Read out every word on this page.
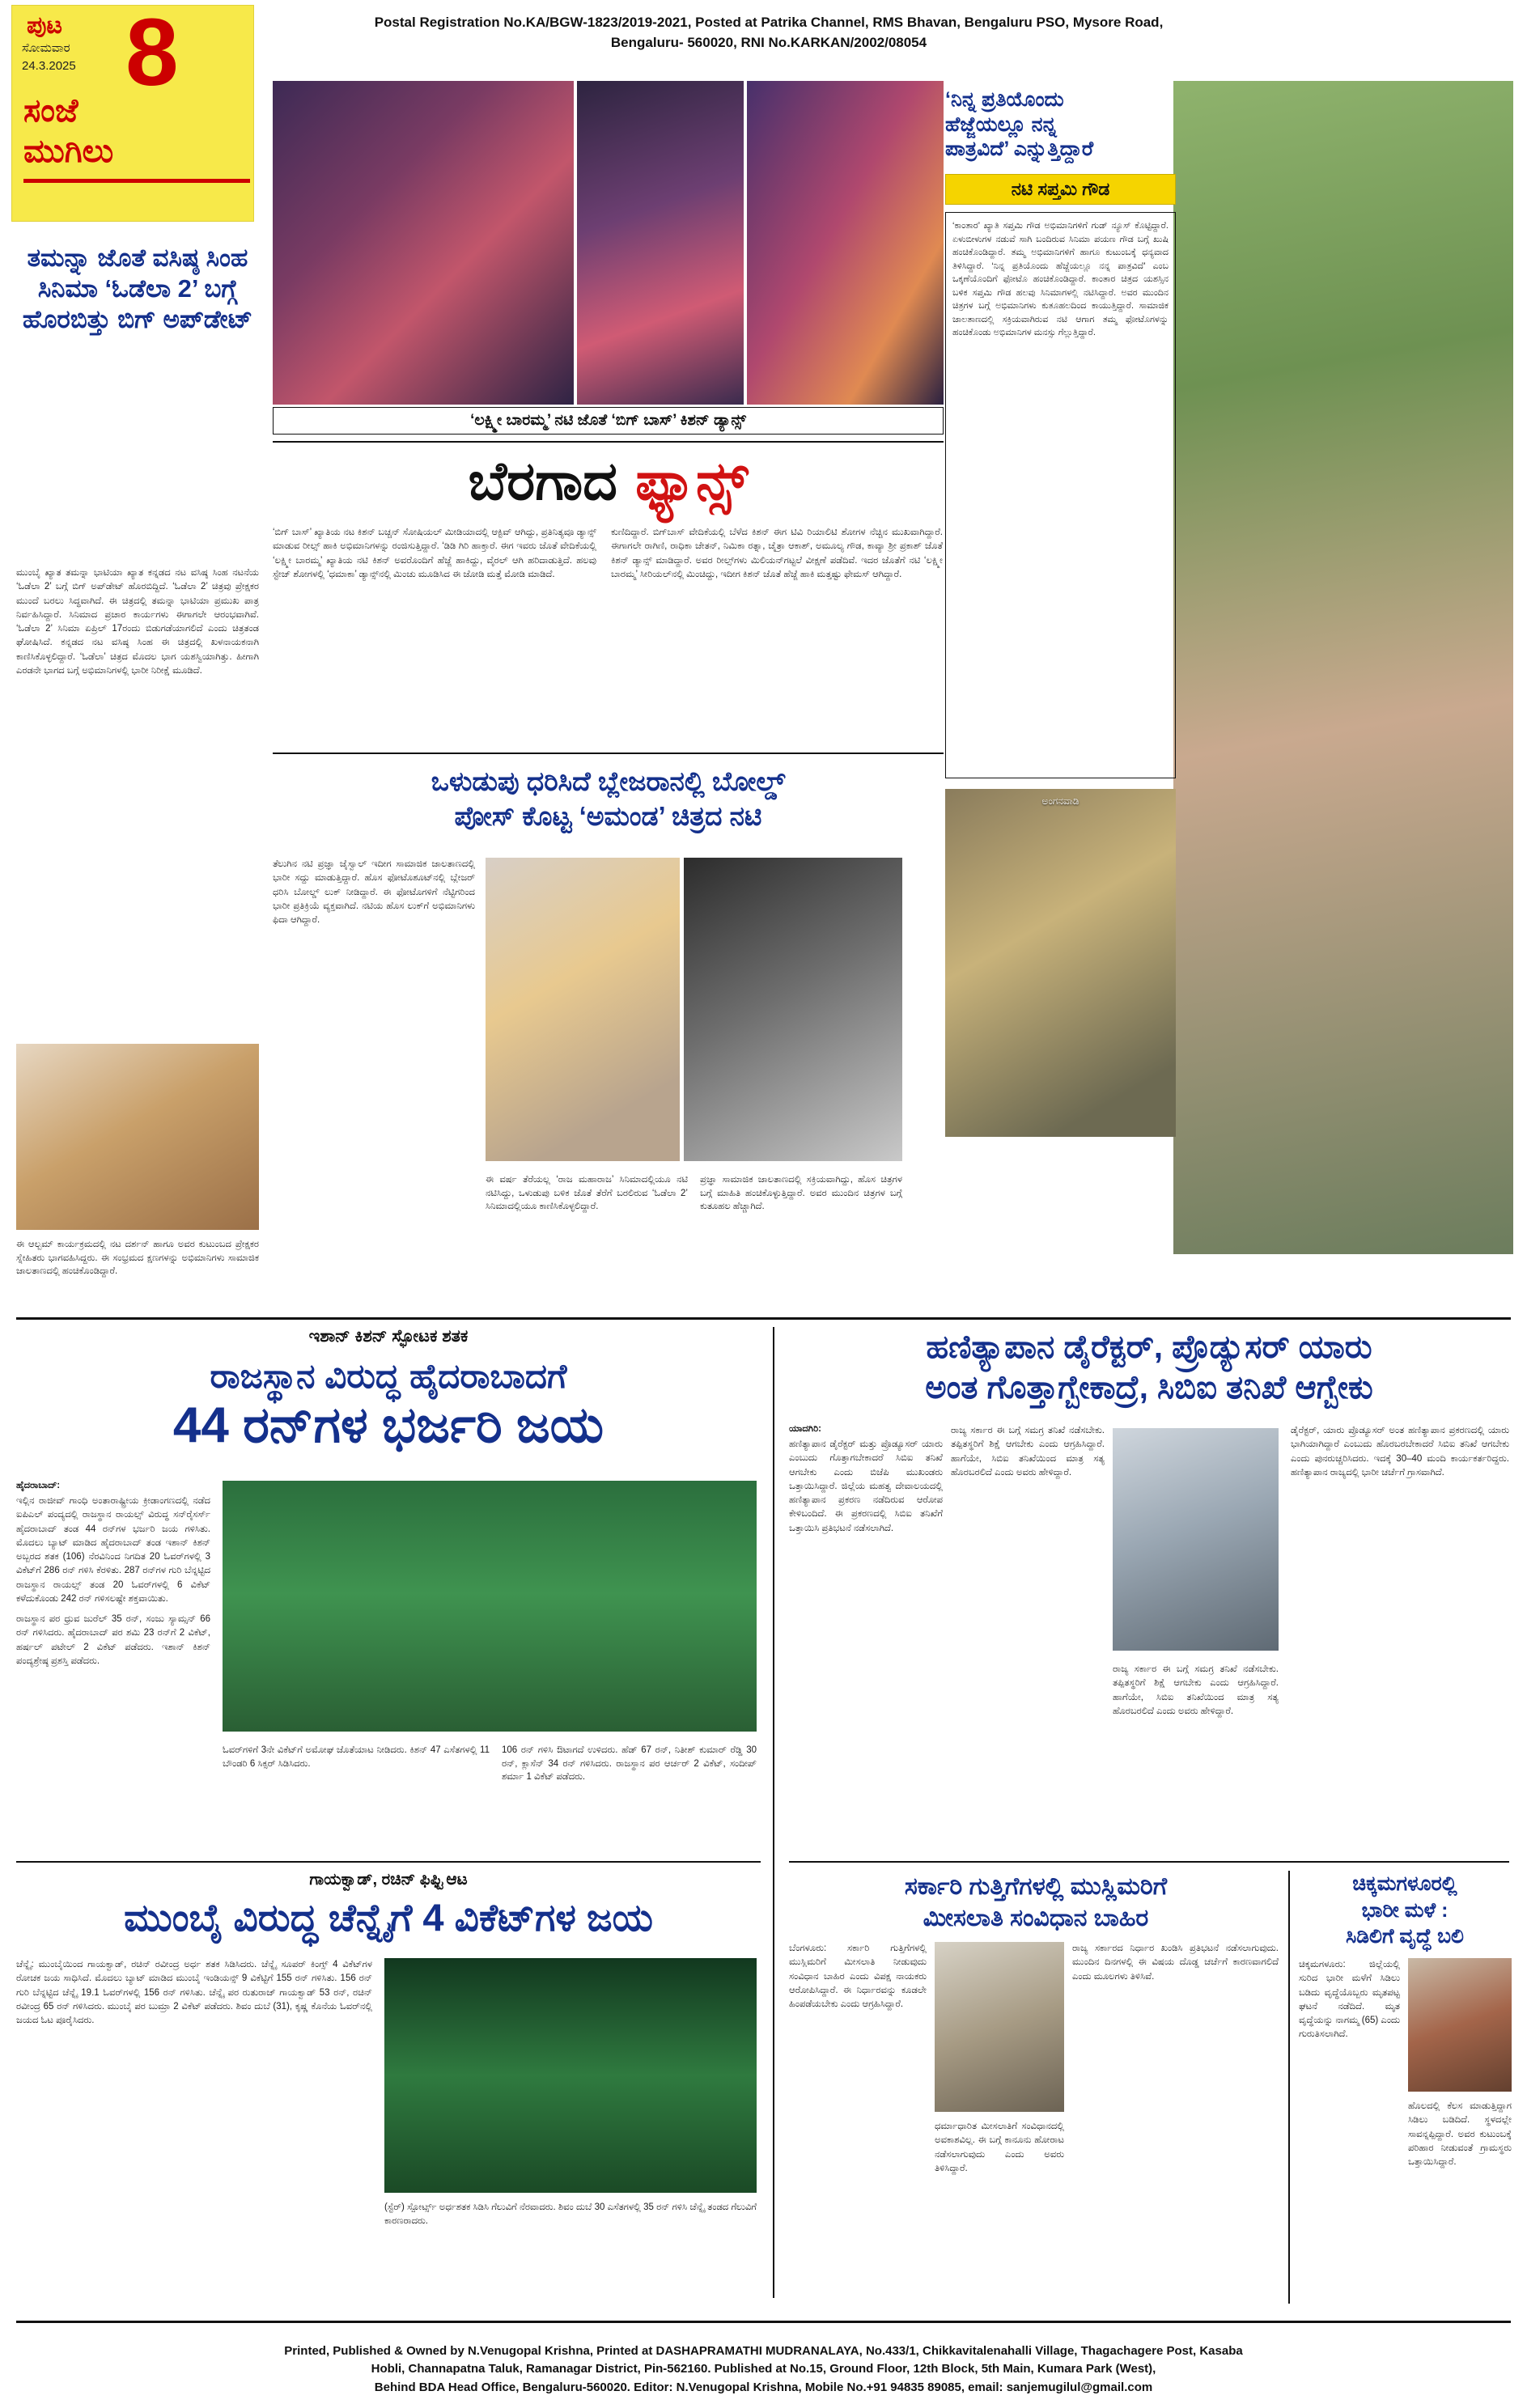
ಪುಟ
ಸೋಮವಾರ
24.3.2025 8
ಸಂಜೆ
ಮುಗಿಲು
Postal Registration No.KA/BGW-1823/2019-2021, Posted at Patrika Channel, RMS Bhavan, Bengaluru PSO, Mysore Road,
Bengaluru- 560020, RNI No.KARKAN/2002/08054
‘ಲಕ್ಷ್ಮೀ ಬಾರಮ್ಮ’ ನಟಿ ಜೊತೆ ‘ಬಿಗ್ ಬಾಸ್’ ಕಿಶನ್ ಡ್ಯಾನ್ಸ್
‘ನಿನ್ನ ಪ್ರತಿಯೊಂದು
ಹೆಜ್ಜೆಯಲ್ಲೂ ನನ್ನ
ಪಾತ್ರವಿದೆ’ ಎನ್ನುತ್ತಿದ್ದಾರೆ
ನಟಿ ಸಪ್ತಮಿ ಗೌಡ
‘ಕಾಂತಾರ’ ಖ್ಯಾತಿ ಸಪ್ತಮಿ ಗೌಡ ಅಭಿಮಾನಿಗಳಿಗೆ ಗುಡ್ ನ್ಯೂಸ್ ಕೊಟ್ಟಿದ್ದಾರೆ. ಏಳುಬೀಳುಗಳ ನಡುವೆ ಸಾಗಿ ಬಂದಿರುವ ಸಿನಿಮಾ ಪಯಣ ಗೌಡ ಬಗ್ಗೆ ಖುಷಿ ಹಂಚಿಕೊಂಡಿದ್ದಾರೆ. ತಮ್ಮ ಅಭಿಮಾನಿಗಳಿಗೆ ಹಾಗೂ ಕುಟುಂಬಕ್ಕೆ ಧನ್ಯವಾದ ತಿಳಿಸಿದ್ದಾರೆ. ‘ನಿನ್ನ ಪ್ರತಿಯೊಂದು ಹೆಜ್ಜೆಯಲ್ಲೂ ನನ್ನ ಪಾತ್ರವಿದೆ’ ಎಂಬ ಒಕ್ಕಣೆಯೊಂದಿಗೆ ಫೋಟೊ ಹಂಚಿಕೊಂಡಿದ್ದಾರೆ. ಕಾಂತಾರ ಚಿತ್ರದ ಯಶಸ್ಸಿನ ಬಳಿಕ ಸಪ್ತಮಿ ಗೌಡ ಹಲವು ಸಿನಿಮಾಗಳಲ್ಲಿ ನಟಿಸಿದ್ದಾರೆ. ಅವರ ಮುಂದಿನ ಚಿತ್ರಗಳ ಬಗ್ಗೆ ಅಭಿಮಾನಿಗಳು ಕುತೂಹಲದಿಂದ ಕಾಯುತ್ತಿದ್ದಾರೆ. ಸಾಮಾಜಿಕ ಜಾಲತಾಣದಲ್ಲಿ ಸಕ್ರಿಯವಾಗಿರುವ ನಟಿ ಆಗಾಗ ತಮ್ಮ ಫೋಟೊಗಳನ್ನು ಹಂಚಿಕೊಂಡು ಅಭಿಮಾನಿಗಳ ಮನಸ್ಸು ಗೆಲ್ಲುತ್ತಿದ್ದಾರೆ.
ತಮನ್ನಾ ಜೊತೆ ವಸಿಷ್ಠ ಸಿಂಹ ಸಿನಿಮಾ ‘ಓಡೆಲಾ 2’ ಬಗ್ಗೆ ಹೊರಬಿತ್ತು ಬಿಗ್ ಅಪ್‌ಡೇಟ್
ಮುಂಬೈ ಖ್ಯಾತ ತಮನ್ನಾ ಭಾಟಿಯಾ ಖ್ಯಾತ ಕನ್ನಡದ ನಟ ವಸಿಷ್ಠ ಸಿಂಹ ನಟನೆಯ ‘ಓಡೆಲಾ 2’ ಬಗ್ಗೆ ಬಿಗ್ ಅಪ್‌ಡೇಟ್ ಹೊರಬಿದ್ದಿದೆ. ‘ಓಡೆಲಾ 2’ ಚಿತ್ರವು ಪ್ರೇಕ್ಷಕರ ಮುಂದೆ ಬರಲು ಸಿದ್ಧವಾಗಿದೆ. ಈ ಚಿತ್ರದಲ್ಲಿ ತಮನ್ನಾ ಭಾಟಿಯಾ ಪ್ರಮುಖ ಪಾತ್ರ ನಿರ್ವಹಿಸಿದ್ದಾರೆ. ಸಿನಿಮಾದ ಪ್ರಚಾರ ಕಾರ್ಯಗಳು ಈಗಾಗಲೇ ಆರಂಭವಾಗಿವೆ. ‘ಓಡೆಲಾ 2’ ಸಿನಿಮಾ ಏಪ್ರಿಲ್ 17ರಂದು ಬಿಡುಗಡೆಯಾಗಲಿದೆ ಎಂದು ಚಿತ್ರತಂಡ ಘೋಷಿಸಿದೆ. ಕನ್ನಡದ ನಟ ವಸಿಷ್ಠ ಸಿಂಹ ಈ ಚಿತ್ರದಲ್ಲಿ ಖಳನಾಯಕನಾಗಿ ಕಾಣಿಸಿಕೊಳ್ಳಲಿದ್ದಾರೆ. ‘ಓಡೆಲಾ’ ಚಿತ್ರದ ಮೊದಲ ಭಾಗ ಯಶಸ್ವಿಯಾಗಿತ್ತು. ಹೀಗಾಗಿ ಎರಡನೇ ಭಾಗದ ಬಗ್ಗೆ ಅಭಿಮಾನಿಗಳಲ್ಲಿ ಭಾರೀ ನಿರೀಕ್ಷೆ ಮೂಡಿದೆ.
ಬೆರಗಾದ ಫ್ಯಾನ್ಸ್
‘ಬಿಗ್ ಬಾಸ್’ ಖ್ಯಾತಿಯ ನಟ ಕಿಶನ್ ಬಚ್ಚನ್ ಸೋಷಿಯಲ್ ಮೀಡಿಯಾದಲ್ಲಿ ಆಕ್ಟಿವ್ ಆಗಿದ್ದು, ಪ್ರತಿನಿತ್ಯವೂ ಡ್ಯಾನ್ಸ್ ಮಾಡುವ ರೀಲ್ಸ್ ಹಾಕಿ ಅಭಿಮಾನಿಗಳನ್ನು ರಂಜಿಸುತ್ತಿದ್ದಾರೆ. ‘ಡಿಡಿ ಗಿರಿ ಹಾಕ್ತಾರೆ. ಈಗ ಇವರು ಜೊತೆ ವೇದಿಕೆಯಲ್ಲಿ ‘ಲಕ್ಷ್ಮೀ ಬಾರಮ್ಮ’ ಖ್ಯಾತಿಯ ನಟಿ ಕಿಶನ್ ಅವರೊಂದಿಗೆ ಹೆಜ್ಜೆ ಹಾಕಿದ್ದು, ವೈರಲ್ ಆಗಿ ಹರಿದಾಡುತ್ತಿದೆ. ಹಲವು ಸ್ಟೇಜ್ ಶೋಗಳಲ್ಲಿ ‘ಧಮಾಕಾ’ ಡ್ಯಾನ್ಸ್‌ನಲ್ಲಿ ಮಿಂಚು ಮೂಡಿಸಿದ ಈ ಜೋಡಿ ಮತ್ತೆ ಮೋಡಿ ಮಾಡಿದೆ.
ಕುಣಿದಿದ್ದಾರೆ. ಬಿಗ್‌ಬಾಸ್ ವೇದಿಕೆಯಲ್ಲಿ ಬೆಳೆದ ಕಿಶನ್ ಈಗ ಟಿವಿ ರಿಯಾಲಿಟಿ ಶೋಗಳ ನೆಚ್ಚಿನ ಮುಖವಾಗಿದ್ದಾರೆ. ಈಗಾಗಲೇ ರಾಗಿಣಿ, ರಾಧಿಕಾ ಚೇತನ್, ನಿಮಿಕಾ ರತ್ನಾ, ಚೈತ್ರಾ ಆಕಾಶ್, ಅಮೂಲ್ಯ ಗೌಡ, ಕಾವ್ಯಾ ಶ್ರೀ ಪ್ರಕಾಶ್ ಜೊತೆ ಕಿಶನ್ ಡ್ಯಾನ್ಸ್ ಮಾಡಿದ್ದಾರೆ. ಅವರ ರೀಲ್ಸ್‌ಗಳು ಮಿಲಿಯನ್‌ಗಟ್ಟಲೆ ವೀಕ್ಷಣೆ ಪಡೆದಿವೆ. ಇದರ ಜೊತೆಗೆ ನಟಿ ‘ಲಕ್ಷ್ಮೀ ಬಾರಮ್ಮ’ ಸೀರಿಯಲ್‌ನಲ್ಲಿ ಮಿಂಚಿದ್ದು, ಇದೀಗ ಕಿಶನ್ ಜೊತೆ ಹೆಜ್ಜೆ ಹಾಕಿ ಮತ್ತಷ್ಟು ಫೇಮಸ್ ಆಗಿದ್ದಾರೆ.
ಒಳುಡುಪು ಧರಿಸಿದೆ ಬ್ಲೇಜರಾನಲ್ಲಿ ಬೋಲ್ಡ್
ಪೋಸ್ ಕೊಟ್ಟ ‘ಅಮಂಡ’ ಚಿತ್ರದ ನಟಿ
ತೆಲುಗಿನ ನಟಿ ಪ್ರಜ್ಞಾ ಜೈಸ್ವಾಲ್ ಇದೀಗ ಸಾಮಾಜಿಕ ಜಾಲತಾಣದಲ್ಲಿ ಭಾರೀ ಸದ್ದು ಮಾಡುತ್ತಿದ್ದಾರೆ. ಹೊಸ ಫೋಟೊಶೂಟ್‌ನಲ್ಲಿ ಬ್ಲೇಜರ್ ಧರಿಸಿ ಬೋಲ್ಡ್ ಲುಕ್ ನೀಡಿದ್ದಾರೆ. ಈ ಫೋಟೊಗಳಿಗೆ ನೆಟ್ಟಿಗರಿಂದ ಭಾರೀ ಪ್ರತಿಕ್ರಿಯೆ ವ್ಯಕ್ತವಾಗಿದೆ. ನಟಿಯ ಹೊಸ ಲುಕ್‌ಗೆ ಅಭಿಮಾನಿಗಳು ಫಿದಾ ಆಗಿದ್ದಾರೆ.
ಈ ವರ್ಷ ತೆರೆಯಲ್ಲ ‘ರಾಜ ಮಹಾರಾಜ’ ಸಿನಿಮಾದಲ್ಲಿಯೂ ನಟಿ ನಟಿಸಿದ್ದು, ಒಳುಡುಪು ಬಳಿಕ ಜೊತೆ ತೆರೆಗೆ ಬರಲಿರುವ ‘ಓಡೆಲಾ 2’ ಸಿನಿಮಾದಲ್ಲಿಯೂ ಕಾಣಿಸಿಕೊಳ್ಳಲಿದ್ದಾರೆ.
ಪ್ರಜ್ಞಾ ಸಾಮಾಜಿಕ ಜಾಲತಾಣದಲ್ಲಿ ಸಕ್ರಿಯವಾಗಿದ್ದು, ಹೊಸ ಚಿತ್ರಗಳ ಬಗ್ಗೆ ಮಾಹಿತಿ ಹಂಚಿಕೊಳ್ಳುತ್ತಿದ್ದಾರೆ. ಅವರ ಮುಂದಿನ ಚಿತ್ರಗಳ ಬಗ್ಗೆ ಕುತೂಹಲ ಹೆಚ್ಚಾಗಿದೆ.
ಅಂಗನವಾಡಿ
ಈ ಆಲ್ಬಮ್ ಕಾರ್ಯಕ್ರಮದಲ್ಲಿ ನಟ ದರ್ಶನ್ ಹಾಗೂ ಅವರ ಕುಟುಂಬದ ಪ್ರೇಕ್ಷಕರ ಸ್ನೇಹಿತರು ಭಾಗವಹಿಸಿದ್ದರು. ಈ ಸಂಭ್ರಮದ ಕ್ಷಣಗಳನ್ನು ಅಭಿಮಾನಿಗಳು ಸಾಮಾಜಿಕ ಜಾಲತಾಣದಲ್ಲಿ ಹಂಚಿಕೊಂಡಿದ್ದಾರೆ.
ಇಶಾನ್ ಕಿಶನ್ ಸ್ಫೋಟಕ ಶತಕ
ರಾಜಸ್ಥಾನ ವಿರುದ್ಧ ಹೈದರಾಬಾದಗೆ
44 ರನ್‌ಗಳ ಭರ್ಜರಿ ಜಯ
ಹೈದರಾಬಾದ್:
ಇಲ್ಲಿನ ರಾಜೀವ್ ಗಾಂಧಿ ಅಂತಾರಾಷ್ಟ್ರೀಯ ಕ್ರೀಡಾಂಗಣದಲ್ಲಿ ನಡೆದ ಐಪಿಎಲ್ ಪಂದ್ಯದಲ್ಲಿ ರಾಜಸ್ಥಾನ ರಾಯಲ್ಸ್ ವಿರುದ್ಧ ಸನ್‌ರೈಸರ್ಸ್ ಹೈದರಾಬಾದ್ ತಂಡ 44 ರನ್‌ಗಳ ಭರ್ಜರಿ ಜಯ ಗಳಿಸಿತು. ಮೊದಲು ಬ್ಯಾಟ್ ಮಾಡಿದ ಹೈದರಾಬಾದ್ ತಂಡ ಇಶಾನ್ ಕಿಶನ್ ಅಬ್ಬರದ ಶತಕ (106) ನೆರವಿನಿಂದ ನಿಗದಿತ 20 ಓವರ್‌ಗಳಲ್ಲಿ 3 ವಿಕೆಟ್‌ಗೆ 286 ರನ್ ಗಳಿಸಿ ಕೆರಳಿತು. 287 ರನ್‌ಗಳ ಗುರಿ ಬೆನ್ನಟ್ಟಿದ ರಾಜಸ್ಥಾನ ರಾಯಲ್ಸ್ ತಂಡ 20 ಓವರ್‌ಗಳಲ್ಲಿ 6 ವಿಕೆಟ್ ಕಳೆದುಕೊಂಡು 242 ರನ್ ಗಳಿಸಲಷ್ಟೇ ಶಕ್ತವಾಯಿತು.
ರಾಜಸ್ಥಾನ ಪರ ಧ್ರುವ ಜುರೆಲ್ 35 ರನ್, ಸಂಜು ಸ್ಯಾಮ್ಸನ್ 66 ರನ್ ಗಳಿಸಿದರು. ಹೈದರಾಬಾದ್ ಪರ ಶಮಿ 23 ರನ್‌ಗೆ 2 ವಿಕೆಟ್, ಹರ್ಷಲ್ ಪಟೇಲ್ 2 ವಿಕೆಟ್ ಪಡೆದರು. ಇಶಾನ್ ಕಿಶನ್ ಪಂದ್ಯಶ್ರೇಷ್ಠ ಪ್ರಶಸ್ತಿ ಪಡೆದರು.
ಓವರ್‌ಗಳಿಗೆ 3ನೇ ವಿಕೆಟ್‌ಗೆ ಅಮೋಘ ಜೊತೆಯಾಟ ನೀಡಿದರು. ಕಿಶನ್ 47 ಎಸೆತಗಳಲ್ಲಿ 11 ಬೌಂಡರಿ 6 ಸಿಕ್ಸರ್ ಸಿಡಿಸಿದರು.
106 ರನ್ ಗಳಿಸಿ ಔಟಾಗದೆ ಉಳಿದರು. ಹೆಡ್ 67 ರನ್, ನಿತೀಶ್ ಕುಮಾರ್ ರೆಡ್ಡಿ 30 ರನ್, ಕ್ಲಾಸೆನ್ 34 ರನ್ ಗಳಿಸಿದರು. ರಾಜಸ್ಥಾನ ಪರ ಆರ್ಚರ್ 2 ವಿಕೆಟ್, ಸಂದೀಪ್ ಶರ್ಮಾ 1 ವಿಕೆಟ್ ಪಡೆದರು.
ಗಾಯಕ್ವಾಡ್, ರಚಿನ್ ಫಿಫ್ಟಿ ಆಟ
ಮುಂಬೈ ವಿರುದ್ಧ ಚೆನ್ನೈಗೆ 4 ವಿಕೆಟ್‌ಗಳ ಜಯ
ಚೆನ್ನೈ: ಮುಂಬೈಯಿಂದ ಗಾಯಕ್ವಾಡ್, ರಚಿನ್ ರವೀಂದ್ರ ಅರ್ಧ ಶತಕ ಸಿಡಿಸಿದರು. ಚೆನ್ನೈ ಸೂಪರ್ ಕಿಂಗ್ಸ್ 4 ವಿಕೆಟ್‌ಗಳ ರೋಚಕ ಜಯ ಸಾಧಿಸಿದೆ. ಮೊದಲು ಬ್ಯಾಟ್ ಮಾಡಿದ ಮುಂಬೈ ಇಂಡಿಯನ್ಸ್ 9 ವಿಕೆಟ್ಟಿಗೆ 155 ರನ್ ಗಳಿಸಿತು. 156 ರನ್ ಗುರಿ ಬೆನ್ನಟ್ಟಿದ ಚೆನ್ನೈ 19.1 ಓವರ್‌ಗಳಲ್ಲಿ 156 ರನ್ ಗಳಿಸಿತು. ಚೆನ್ನೈ ಪರ ರುತುರಾಜ್ ಗಾಯಕ್ವಾಡ್ 53 ರನ್, ರಚಿನ್ ರವೀಂದ್ರ 65 ರನ್ ಗಳಿಸಿದರು. ಮುಂಬೈ ಪರ ಬುಮ್ರಾ 2 ವಿಕೆಟ್ ಪಡೆದರು. ಶಿವಂ ದುಬೆ (31), ಕೃಷ್ಣ ಕೊನೆಯ ಓವರ್‌ನಲ್ಲಿ ಜಯದ ಓಟ ಪೂರೈಸಿದರು.
(ಸ್ಟೆರ್) ಸ್ಪೋರ್ಟ್ಸ್ ಅರ್ಧಶತಕ ಸಿಡಿಸಿ ಗೆಲುವಿಗೆ ನೆರವಾದರು. ಶಿವಂ ದುಬೆ 30 ಎಸೆತಗಳಲ್ಲಿ 35 ರನ್ ಗಳಿಸಿ ಚೆನ್ನೈ ತಂಡದ ಗೆಲುವಿಗೆ ಕಾರಣರಾದರು.
ಹಣಿತ್ಯಾಪಾನ ಡೈರೆಕ್ಟರ್, ಪ್ರೊಡ್ಯುಸರ್ ಯಾರು
ಅಂತ ಗೊತ್ತಾಗ್ಬೇಕಾದ್ರೆ, ಸಿಬಿಐ ತನಿಖೆ ಆಗ್ಬೇಕು
ಯಾದಗಿರಿ:
ಹಣಿತ್ಯಾಪಾನ ಡೈರೆಕ್ಟರ್ ಮತ್ತು ಪ್ರೊಡ್ಯೂಸರ್ ಯಾರು ಎಂಬುದು ಗೊತ್ತಾಗಬೇಕಾದರೆ ಸಿಬಿಐ ತನಿಖೆ ಆಗಬೇಕು ಎಂದು ಬಿಜೆಪಿ ಮುಖಂಡರು ಒತ್ತಾಯಿಸಿದ್ದಾರೆ. ಜಿಲ್ಲೆಯ ಮಹತ್ವ ದೇವಾಲಯದಲ್ಲಿ ಹಣಿತ್ಯಾಪಾನ ಪ್ರಕರಣ ನಡೆದಿರುವ ಆರೋಪ ಕೇಳಿಬಂದಿದೆ. ಈ ಪ್ರಕರಣದಲ್ಲಿ ಸಿಬಿಐ ತನಿಖೆಗೆ ಒತ್ತಾಯಿಸಿ ಪ್ರತಿಭಟನೆ ನಡೆಸಲಾಗಿದೆ.
ರಾಜ್ಯ ಸರ್ಕಾರ ಈ ಬಗ್ಗೆ ಸಮಗ್ರ ತನಿಖೆ ನಡೆಸಬೇಕು. ತಪ್ಪಿತಸ್ಥರಿಗೆ ಶಿಕ್ಷೆ ಆಗಬೇಕು ಎಂದು ಆಗ್ರಹಿಸಿದ್ದಾರೆ. ಹಾಗೆಯೇ, ಸಿಬಿಐ ತನಿಖೆಯಿಂದ ಮಾತ್ರ ಸತ್ಯ ಹೊರಬರಲಿದೆ ಎಂದು ಅವರು ಹೇಳಿದ್ದಾರೆ.
ಡೈರೆಕ್ಟರ್, ಯಾರು ಪ್ರೊಡ್ಯೂಸರ್ ಅಂತ ಹಣಿತ್ಯಾಪಾನ ಪ್ರಕರಣದಲ್ಲಿ ಯಾರು ಭಾಗಿಯಾಗಿದ್ದಾರೆ ಎಂಬುದು ಹೊರಬರಬೇಕಾದರೆ ಸಿಬಿಐ ತನಿಖೆ ಆಗಬೇಕು ಎಂದು ಪುನರುಚ್ಚರಿಸಿದರು. ಇದಕ್ಕೆ 30–40 ಮಂದಿ ಕಾರ್ಯಕರ್ತರಿದ್ದರು. ಹಣಿತ್ಯಾಪಾನ ರಾಜ್ಯದಲ್ಲಿ ಭಾರೀ ಚರ್ಚೆಗೆ ಗ್ರಾಸವಾಗಿದೆ.
ರಾಜ್ಯ ಸರ್ಕಾರ ಈ ಬಗ್ಗೆ ಸಮಗ್ರ ತನಿಖೆ ನಡೆಸಬೇಕು. ತಪ್ಪಿತಸ್ಥರಿಗೆ ಶಿಕ್ಷೆ ಆಗಬೇಕು ಎಂದು ಆಗ್ರಹಿಸಿದ್ದಾರೆ. ಹಾಗೆಯೇ, ಸಿಬಿಐ ತನಿಖೆಯಿಂದ ಮಾತ್ರ ಸತ್ಯ ಹೊರಬರಲಿದೆ ಎಂದು ಅವರು ಹೇಳಿದ್ದಾರೆ.
ಸರ್ಕಾರಿ ಗುತ್ತಿಗೆಗಳಲ್ಲಿ ಮುಸ್ಲಿಮರಿಗೆ
ಮೀಸಲಾತಿ ಸಂವಿಧಾನ ಬಾಹಿರ
ಬೆಂಗಳೂರು: ಸರ್ಕಾರಿ ಗುತ್ತಿಗೆಗಳಲ್ಲಿ ಮುಸ್ಲಿಮರಿಗೆ ಮೀಸಲಾತಿ ನೀಡುವುದು ಸಂವಿಧಾನ ಬಾಹಿರ ಎಂದು ವಿಪಕ್ಷ ನಾಯಕರು ಆರೋಪಿಸಿದ್ದಾರೆ. ಈ ನಿರ್ಧಾರವನ್ನು ಕೂಡಲೇ ಹಿಂಪಡೆಯಬೇಕು ಎಂದು ಆಗ್ರಹಿಸಿದ್ದಾರೆ.
ಧರ್ಮಾಧಾರಿತ ಮೀಸಲಾತಿಗೆ ಸಂವಿಧಾನದಲ್ಲಿ ಅವಕಾಶವಿಲ್ಲ. ಈ ಬಗ್ಗೆ ಕಾನೂನು ಹೋರಾಟ ನಡೆಸಲಾಗುವುದು ಎಂದು ಅವರು ತಿಳಿಸಿದ್ದಾರೆ.
ರಾಜ್ಯ ಸರ್ಕಾರದ ನಿರ್ಧಾರ ಖಂಡಿಸಿ ಪ್ರತಿಭಟನೆ ನಡೆಸಲಾಗುವುದು. ಮುಂದಿನ ದಿನಗಳಲ್ಲಿ ಈ ವಿಷಯ ದೊಡ್ಡ ಚರ್ಚೆಗೆ ಕಾರಣವಾಗಲಿದೆ ಎಂದು ಮೂಲಗಳು ತಿಳಿಸಿವೆ.
ಚಿಕ್ಕಮಗಳೂರಲ್ಲಿ
ಭಾರೀ ಮಳೆ :
ಸಿಡಿಲಿಗೆ ವೃದ್ಧೆ ಬಲಿ
ಚಿಕ್ಕಮಗಳೂರು: ಜಿಲ್ಲೆಯಲ್ಲಿ ಸುರಿದ ಭಾರೀ ಮಳೆಗೆ ಸಿಡಿಲು ಬಡಿದು ವೃದ್ಧೆಯೊಬ್ಬರು ಮೃತಪಟ್ಟ ಘಟನೆ ನಡೆದಿದೆ. ಮೃತ ವೃದ್ಧೆಯನ್ನು ನಾಗಮ್ಮ (65) ಎಂದು ಗುರುತಿಸಲಾಗಿದೆ.
ಹೊಲದಲ್ಲಿ ಕೆಲಸ ಮಾಡುತ್ತಿದ್ದಾಗ ಸಿಡಿಲು ಬಡಿದಿದೆ. ಸ್ಥಳದಲ್ಲೇ ಸಾವನ್ನಪ್ಪಿದ್ದಾರೆ. ಅವರ ಕುಟುಂಬಕ್ಕೆ ಪರಿಹಾರ ನೀಡುವಂತೆ ಗ್ರಾಮಸ್ಥರು ಒತ್ತಾಯಿಸಿದ್ದಾರೆ.
Printed, Published & Owned by N.Venugopal Krishna, Printed at DASHAPRAMATHI MUDRANALAYA, No.433/1, Chikkavitalenahalli Village, Thagachagere Post, Kasaba
Hobli, Channapatna Taluk, Ramanagar District, Pin-562160. Published at No.15, Ground Floor, 12th Block, 5th Main, Kumara Park (West),
Behind BDA Head Office, Bengaluru-560020. Editor: N.Venugopal Krishna, Mobile No.+91 94835 89085, email: sanjemugilul@gmail.com
